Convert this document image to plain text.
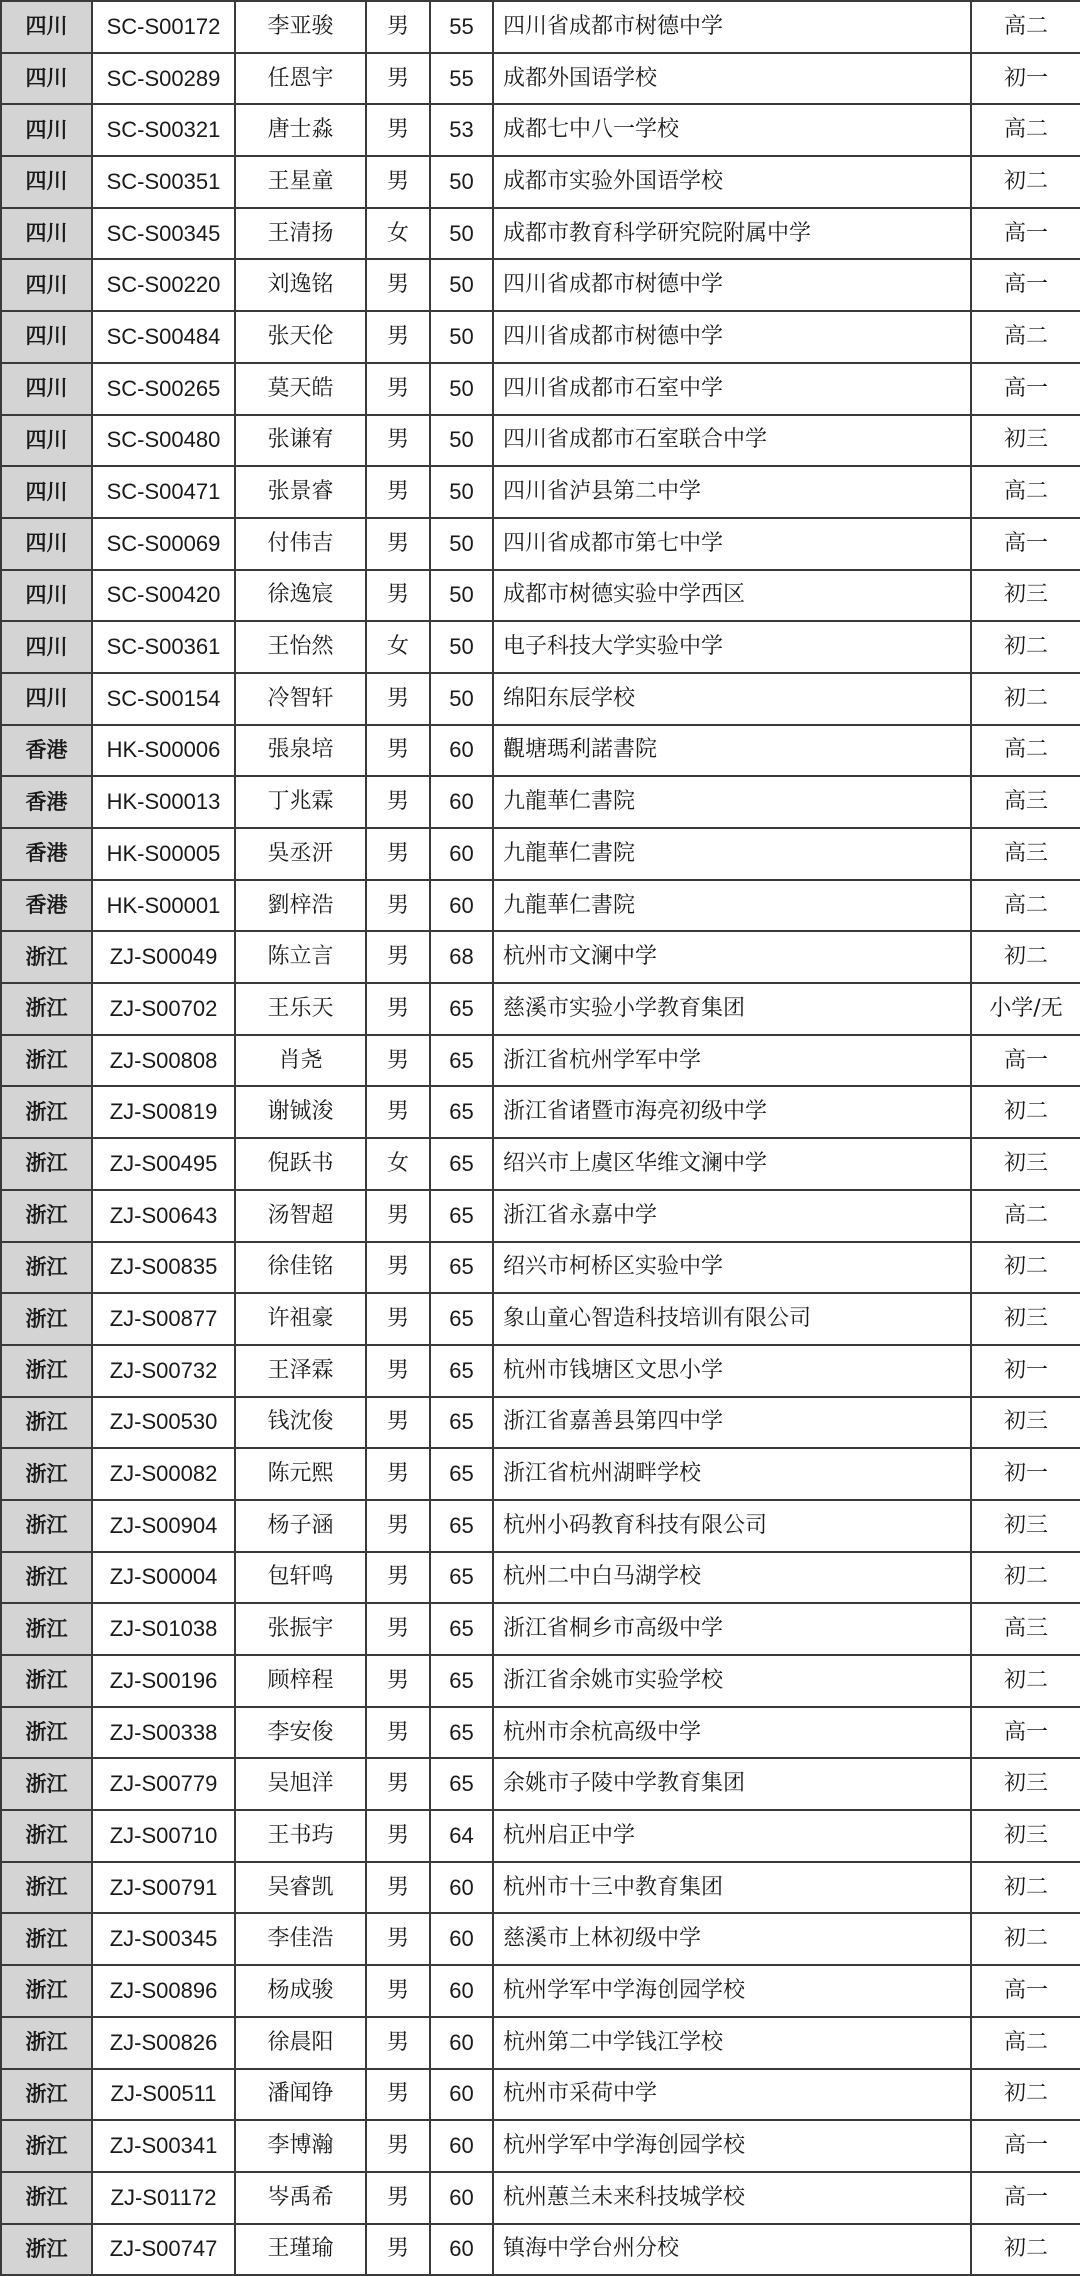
四川	SC-S00172	李亚骏	男	55	四川省成都市树德中学	高二
四川	SC-S00289	任恩宇	男	55	成都外国语学校	初一
四川	SC-S00321	唐士淼	男	53	成都七中八一学校	高二
四川	SC-S00351	王星童	男	50	成都市实验外国语学校	初二
四川	SC-S00345	王清扬	女	50	成都市教育科学研究院附属中学	高一
四川	SC-S00220	刘逸铭	男	50	四川省成都市树德中学	高一
四川	SC-S00484	张天伦	男	50	四川省成都市树德中学	高二
四川	SC-S00265	莫天皓	男	50	四川省成都市石室中学	高一
四川	SC-S00480	张谦宥	男	50	四川省成都市石室联合中学	初三
四川	SC-S00471	张景睿	男	50	四川省泸县第二中学	高二
四川	SC-S00069	付伟吉	男	50	四川省成都市第七中学	高一
四川	SC-S00420	徐逸宸	男	50	成都市树德实验中学西区	初三
四川	SC-S00361	王怡然	女	50	电子科技大学实验中学	初二
四川	SC-S00154	冷智轩	男	50	绵阳东辰学校	初二
香港	HK-S00006	張泉培	男	60	觀塘瑪利諾書院	高二
香港	HK-S00013	丁兆霖	男	60	九龍華仁書院	高三
香港	HK-S00005	吳丞汧	男	60	九龍華仁書院	高三
香港	HK-S00001	劉梓浩	男	60	九龍華仁書院	高二
浙江	ZJ-S00049	陈立言	男	68	杭州市文澜中学	初二
浙江	ZJ-S00702	王乐天	男	65	慈溪市实验小学教育集团	小学/无
浙江	ZJ-S00808	肖尧	男	65	浙江省杭州学军中学	高一
浙江	ZJ-S00819	谢铖浚	男	65	浙江省诸暨市海亮初级中学	初二
浙江	ZJ-S00495	倪跃书	女	65	绍兴市上虞区华维文澜中学	初三
浙江	ZJ-S00643	汤智超	男	65	浙江省永嘉中学	高二
浙江	ZJ-S00835	徐佳铭	男	65	绍兴市柯桥区实验中学	初二
浙江	ZJ-S00877	许祖豪	男	65	象山童心智造科技培训有限公司	初三
浙江	ZJ-S00732	王泽霖	男	65	杭州市钱塘区文思小学	初一
浙江	ZJ-S00530	钱沈俊	男	65	浙江省嘉善县第四中学	初三
浙江	ZJ-S00082	陈元熙	男	65	浙江省杭州湖畔学校	初一
浙江	ZJ-S00904	杨子涵	男	65	杭州小码教育科技有限公司	初三
浙江	ZJ-S00004	包轩鸣	男	65	杭州二中白马湖学校	初二
浙江	ZJ-S01038	张振宇	男	65	浙江省桐乡市高级中学	高三
浙江	ZJ-S00196	顾梓程	男	65	浙江省余姚市实验学校	初二
浙江	ZJ-S00338	李安俊	男	65	杭州市余杭高级中学	高一
浙江	ZJ-S00779	吴旭洋	男	65	余姚市子陵中学教育集团	初三
浙江	ZJ-S00710	王书玙	男	64	杭州启正中学	初三
浙江	ZJ-S00791	吴睿凯	男	60	杭州市十三中教育集团	初二
浙江	ZJ-S00345	李佳浩	男	60	慈溪市上林初级中学	初二
浙江	ZJ-S00896	杨成骏	男	60	杭州学军中学海创园学校	高一
浙江	ZJ-S00826	徐晨阳	男	60	杭州第二中学钱江学校	高二
浙江	ZJ-S00511	潘闻铮	男	60	杭州市采荷中学	初二
浙江	ZJ-S00341	李博瀚	男	60	杭州学军中学海创园学校	高一
浙江	ZJ-S01172	岑禹希	男	60	杭州蕙兰未来科技城学校	高一
浙江	ZJ-S00747	王瑾瑜	男	60	镇海中学台州分校	初二
